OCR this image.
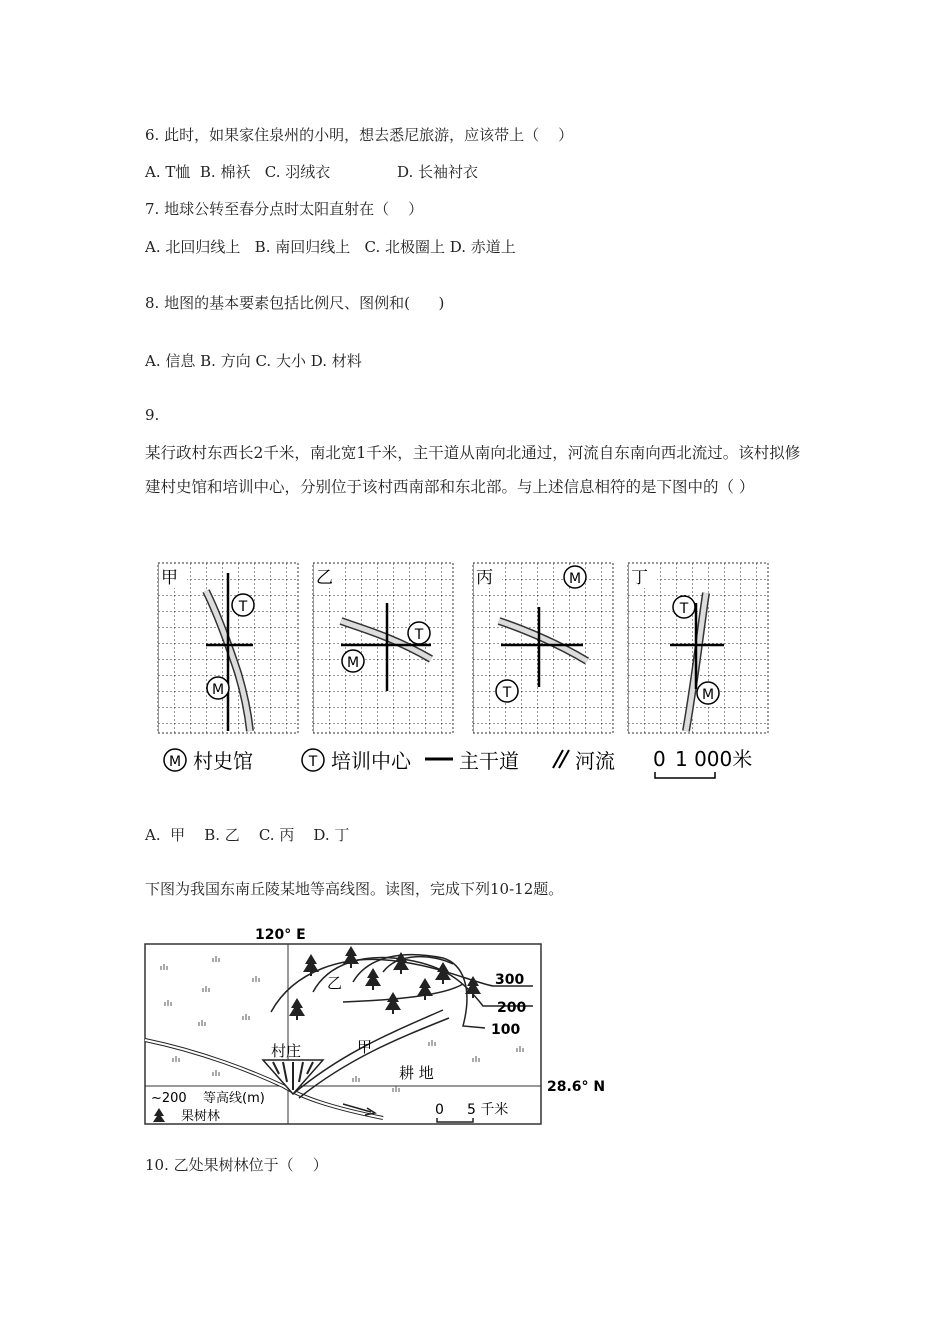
6. 此时，如果家住泉州的小明，想去悉尼旅游，应该带上（    ）
A. T恤  B. 棉袄   C. 羽绒衣              D. 长袖衬衣
7. 地球公转至春分点时太阳直射在（    ）
A. 北回归线上   B. 南回归线上   C. 北极圈上 D. 赤道上
8. 地图的基本要素包括比例尺、图例和(      )
A. 信息 B. 方向 C. 大小 D. 材料
9.
某行政村东西长2千米，南北宽1千米，主干道从南向北通过，河流自东南向西北流过。该村拟修建村史馆和培训中心，分别位于该村西南部和东北部。与上述信息相符的是下图中的（ ）
甲
T
M
乙
T
M
丙	M
T
丁
T
M
M 村史馆	T 培训中心 主干道	河流 0 1 000米
A.  甲    B. 乙    C. 丙    D. 丁
下图为我国东南丘陵某地等高线图。读图，完成下列10-12题。
120° E
28.6° N
300
200
100
村庄
乙
甲
耕 地
~200 等高线(m)
果树林	0 5 千米
10. 乙处果树林位于（    ）
